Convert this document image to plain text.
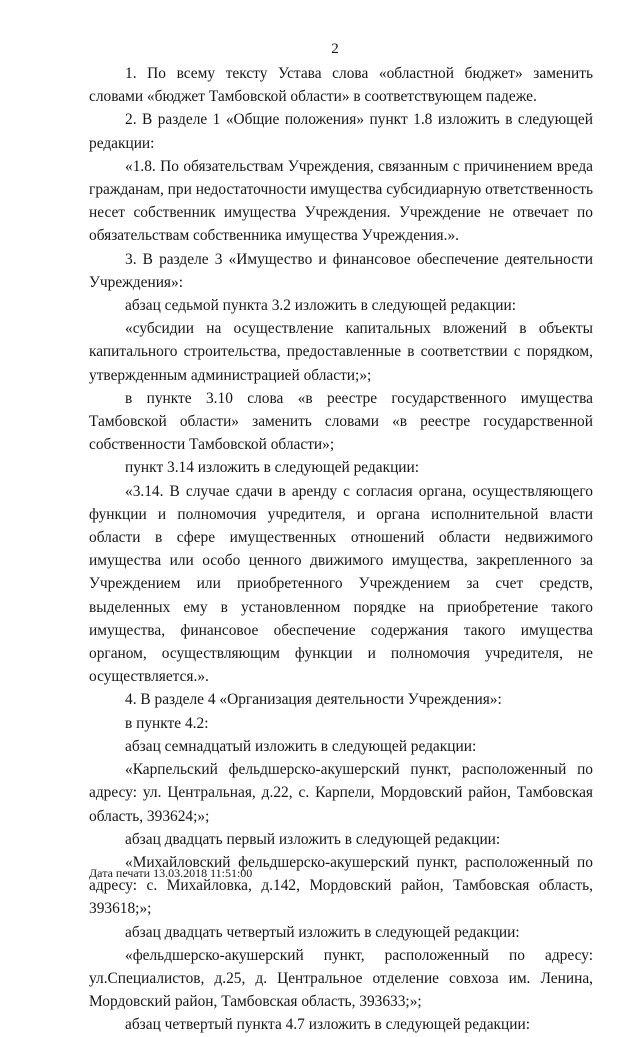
2

1. По всему тексту Устава слова «областной бюджет» заменить словами «бюджет Тамбовской области» в соответствующем падеже.

2. В разделе 1 «Общие положения» пункт 1.8 изложить в следующей редакции:

«1.8. По обязательствам Учреждения, связанным с причинением вреда гражданам, при недостаточности имущества субсидиарную ответственность несет собственник имущества Учреждения. Учреждение не отвечает по обязательствам собственника имущества Учреждения.».

3. В разделе 3 «Имущество и финансовое обеспечение деятельности Учреждения»:

абзац седьмой пункта 3.2 изложить в следующей редакции:

«субсидии на осуществление капитальных вложений в объекты капитального строительства, предоставленные в соответствии с порядком, утвержденным администрацией области;»;

в пункте 3.10 слова «в реестре государственного имущества Тамбовской области» заменить словами «в реестре государственной собственности Тамбовской области»;

пункт 3.14 изложить в следующей редакции:

«3.14. В случае сдачи в аренду с согласия органа, осуществляющего функции и полномочия учредителя, и органа исполнительной власти области в сфере имущественных отношений области недвижимого имущества или особо ценного движимого имущества, закрепленного за Учреждением или приобретенного Учреждением за счет средств, выделенных ему в установленном порядке на приобретение такого имущества, финансовое обеспечение содержания такого имущества органом, осуществляющим функции и полномочия учредителя, не осуществляется.».

4. В разделе 4 «Организация деятельности Учреждения»:

в пункте 4.2:

абзац семнадцатый изложить в следующей редакции:

«Карпельский фельдшерско-акушерский пункт, расположенный по адресу: ул. Центральная, д.22, с. Карпели, Мордовский район, Тамбовская область, 393624;»;

абзац двадцать первый изложить в следующей редакции:

«Михайловский фельдшерско-акушерский пункт, расположенный по адресу: с. Михайловка, д.142, Мордовский район, Тамбовская область, 393618;»;

абзац двадцать четвертый изложить в следующей редакции:

«фельдшерско-акушерский пункт, расположенный по адресу: ул.Специалистов, д.25, д. Центральное отделение совхоза им. Ленина, Мордовский район, Тамбовская область, 393633;»;

абзац четвертый пункта 4.7 изложить в следующей редакции:

Дата печати 13.03.2018 11:51:00
